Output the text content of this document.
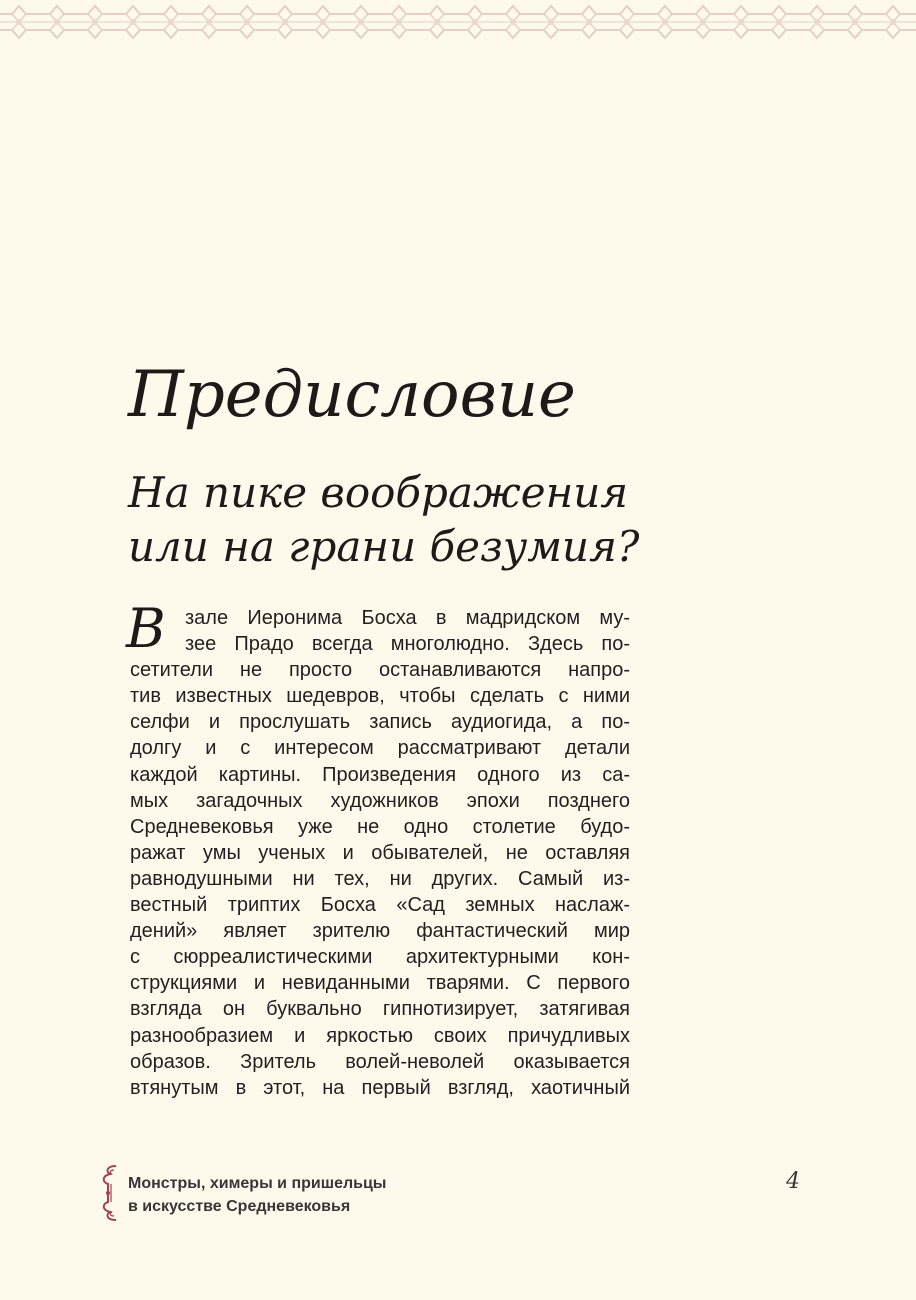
Предисловие
На пике воображения
или на грани безумия?
В зале Иеронима Босха в мадридском му-
зее Прадо всегда многолюдно. Здесь по-
сетители не просто останавливаются напро-
тив известных шедевров, чтобы сделать с ними
селфи и прослушать запись аудиогида, а по-
долгу и с интересом рассматривают детали
каждой картины. Произведения одного из са-
мых загадочных художников эпохи позднего
Средневековья уже не одно столетие будо-
ражат умы ученых и обывателей, не оставляя
равнодушными ни тех, ни других. Самый из-
вестный триптих Босха «Сад земных наслаж-
дений» являет зрителю фантастический мир
с сюрреалистическими архитектурными кон-
струкциями и невиданными тварями. С первого
взгляда он буквально гипнотизирует, затягивая
разнообразием и яркостью своих причудливых
образов. Зритель волей-неволей оказывается
втянутым в этот, на первый взгляд, хаотичный
Монстры, химеры и пришельцы
в искусстве Средневековья
4
